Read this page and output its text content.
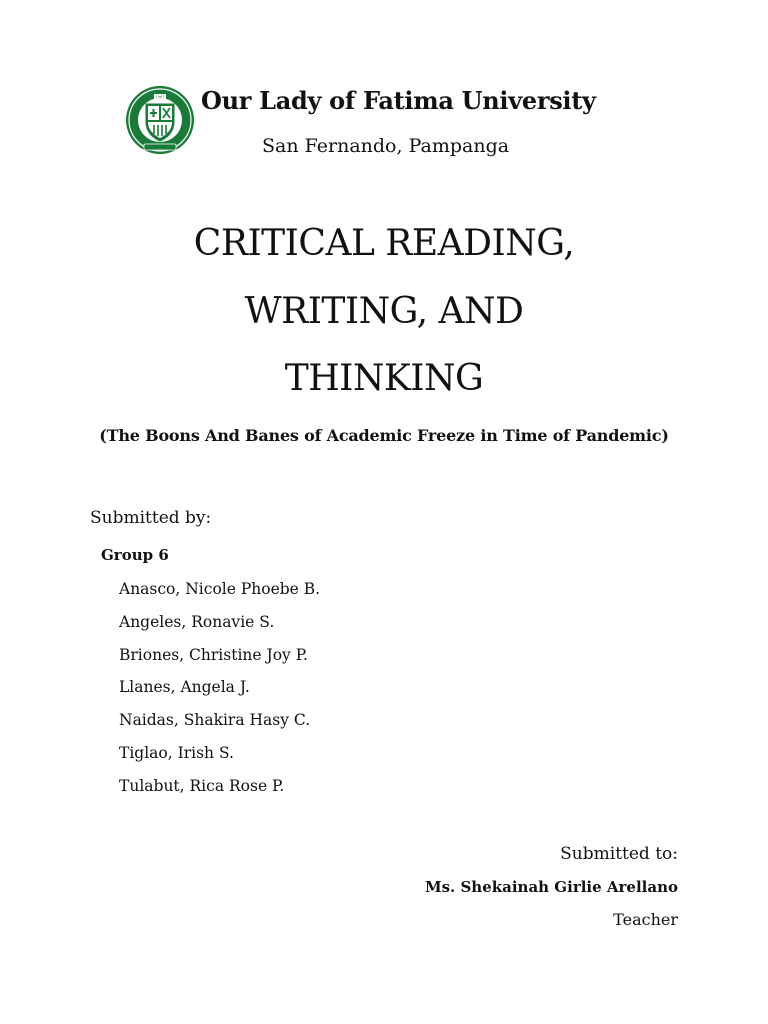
1967 Our Lady of Fatima University
San Fernando, Pampanga
CRITICAL READING,
WRITING, AND
THINKING
(The Boons And Banes of Academic Freeze in Time of Pandemic)
Submitted by:
Group 6
Anasco, Nicole Phoebe B.
Angeles, Ronavie S.
Briones, Christine Joy P.
Llanes, Angela J.
Naidas, Shakira Hasy C.
Tiglao, Irish S.
Tulabut, Rica Rose P.
Submitted to:
Ms. Shekainah Girlie Arellano
Teacher
